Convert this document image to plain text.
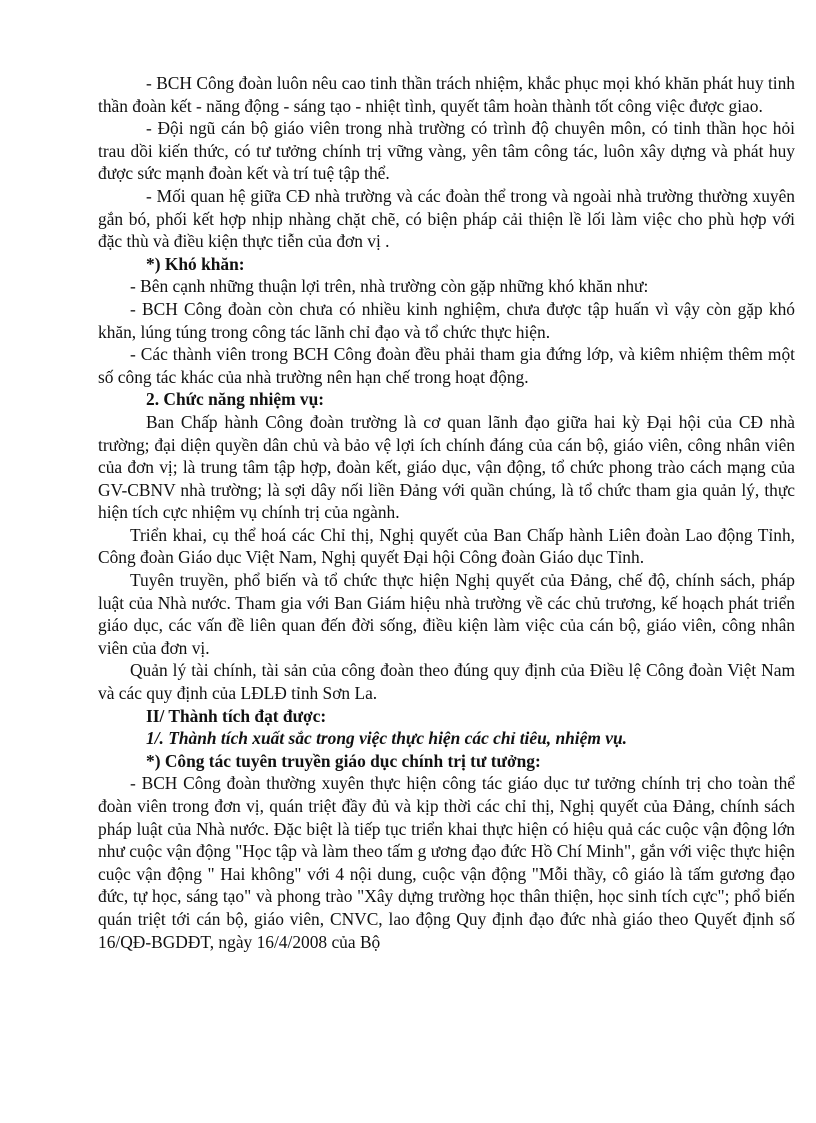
- BCH Công đoàn luôn nêu cao tinh thần trách nhiệm, khắc phục mọi khó khăn phát huy tinh thần đoàn kết - năng động - sáng tạo - nhiệt tình, quyết tâm hoàn thành tốt công việc được giao.

- Đội ngũ cán bộ giáo viên trong nhà trường có trình độ chuyên môn, có tinh thần học hỏi trau dồi kiến thức, có tư tưởng chính trị vững vàng, yên tâm công tác, luôn xây dựng và phát huy được sức mạnh đoàn kết và trí tuệ tập thể.

- Mối quan hệ giữa CĐ nhà trường và các đoàn thể trong và ngoài nhà trường thường xuyên gắn bó, phối kết hợp nhịp nhàng chặt chẽ, có biện pháp cải thiện lề lối làm việc cho phù hợp với đặc thù và điều kiện thực tiễn của đơn vị .

*) Khó khăn:

- Bên cạnh những thuận lợi trên, nhà trường còn gặp những khó khăn như:

- BCH Công đoàn còn chưa có nhiều kinh nghiệm, chưa được tập huấn vì vậy còn gặp khó khăn, lúng túng trong công tác lãnh chỉ đạo và tổ chức thực hiện.

- Các thành viên trong BCH Công đoàn đều phải tham gia đứng lớp, và kiêm nhiệm thêm một số công tác khác của nhà trường nên hạn chế trong hoạt động.

2. Chức năng nhiệm vụ:

Ban Chấp hành Công đoàn trường là cơ quan lãnh đạo giữa hai kỳ Đại hội của CĐ nhà trường; đại diện quyền dân chủ và bảo vệ lợi ích chính đáng của cán bộ, giáo viên, công nhân viên của đơn vị; là trung tâm tập hợp, đoàn kết, giáo dục, vận động, tổ chức phong trào cách mạng của GV-CBNV nhà trường; là sợi dây nối liền Đảng với quần chúng, là tổ chức tham gia quản lý, thực hiện tích cực nhiệm vụ chính trị của ngành.

Triển khai, cụ thể hoá các Chỉ thị, Nghị quyết của Ban Chấp hành Liên đoàn Lao động Tỉnh, Công đoàn Giáo dục Việt Nam, Nghị quyết Đại hội Công đoàn Giáo dục Tỉnh.

Tuyên truyền, phổ biến và tổ chức thực hiện Nghị quyết của Đảng, chế độ, chính sách, pháp luật của Nhà nước. Tham gia với Ban Giám hiệu nhà trường về các chủ trương, kế hoạch phát triển giáo dục, các vấn đề liên quan đến đời sống, điều kiện làm việc của cán bộ, giáo viên, công nhân viên của đơn vị.

Quản lý tài chính, tài sản của công đoàn theo đúng quy định của Điều lệ Công đoàn Việt Nam và các quy định của LĐLĐ tỉnh Sơn La.

II/ Thành tích đạt được:

1/. Thành tích xuất sắc trong việc thực hiện các chỉ tiêu, nhiệm vụ.

*) Công tác tuyên truyền giáo dục chính trị tư tưởng:

- BCH Công đoàn thường xuyên thực hiện công tác giáo dục tư tưởng chính trị cho toàn thể đoàn viên trong đơn vị, quán triệt đầy đủ và kịp thời các chỉ thị, Nghị quyết của Đảng, chính sách pháp luật của Nhà nước. Đặc biệt là tiếp tục triển khai thực hiện có hiệu quả các cuộc vận động lớn như cuộc vận động "Học tập và làm theo tấm g ương đạo đức Hồ Chí Minh", gắn với việc thực hiện cuộc vận động " Hai không" với 4 nội dung, cuộc vận động "Mỗi thầy, cô giáo là tấm gương đạo đức, tự học, sáng tạo" và phong trào "Xây dựng trường học thân thiện, học sinh tích cực"; phổ biến quán triệt tới cán bộ, giáo viên, CNVC, lao động Quy định đạo đức nhà giáo theo Quyết định số 16/QĐ-BGDĐT, ngày 16/4/2008 của Bộ
